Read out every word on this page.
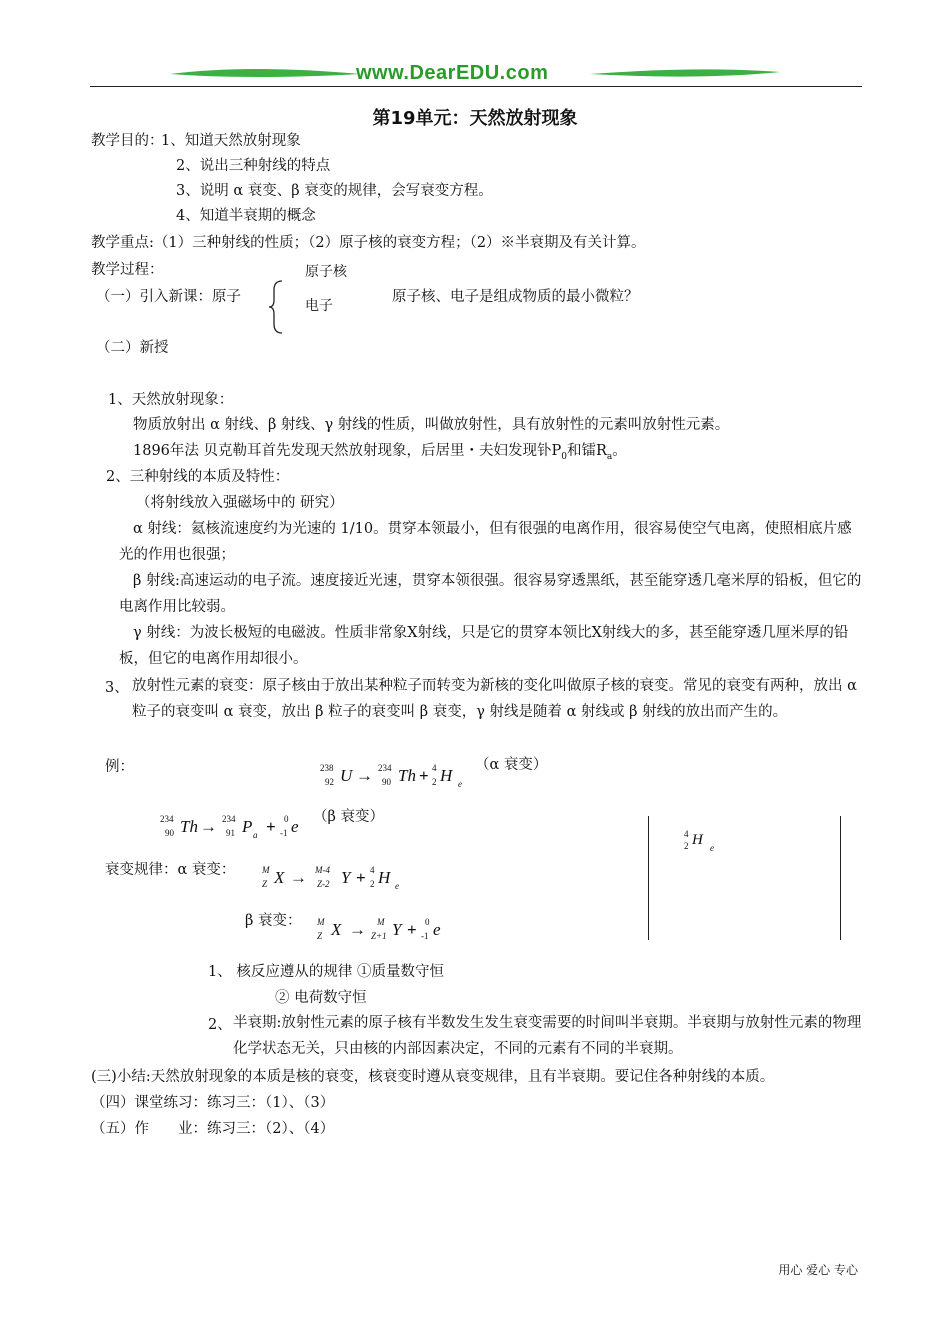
www.DearEDU.com
第19单元：天然放射现象
教学目的：
1、知道天然放射现象
2、说出三种射线的特点
3、说明 α 衰变、β 衰变的规律，会写衰变方程。
4、知道半衰期的概念
教学重点:（1）三种射线的性质；（2）原子核的衰变方程；（2）※半衰期及有关计算。
教学过程：	原子核
（一）引入新课：原子
电子
原子核、电子是组成物质的最小微粒？
（二）新授
1、天然放射现象：
物质放射出 α 射线、β 射线、γ 射线的性质，叫做放射性，具有放射性的元素叫放射性元素。
1896年法 贝克勒耳首先发现天然放射现象，后居里・夫妇发现钋$P_0$和镭$R_a$。
2、三种射线的本质及特性：
（将射线放入强磁场中的 研究）
α 射线：氦核流速度约为光速的 1/10。贯穿本领最小，但有很强的电离作用，很容易使空气电离，使照相底片感光的作用也很强；
β 射线:高速运动的电子流。速度接近光速，贯穿本领很强。很容易穿透黑纸，甚至能穿透几毫米厚的铅板，但它的电离作用比较弱。
γ 射线：为波长极短的电磁波。性质非常象X射线，只是它的贯穿本领比X射线大的多，甚至能穿透几厘米厚的铅板，但它的电离作用却很小。
3、 放射性元素的衰变：原子核由于放出某种粒子而转变为新核的变化叫做原子核的衰变。常见的衰变有两种，放出 α 粒子的衰变叫 α 衰变，放出 β 粒子的衰变叫 β 衰变，γ 射线是随着 α 射线或 β 射线的放出而产生的。
例：	238
92 U → 234
90 Th + 4
2 H e
（α 衰变）
234
90 Th → 234
91 P a + 0
-1 e （β 衰变）
4
2 H e
衰变规律：α 衰变：	M
Z X → M-4
Z-2 Y + 4
2 H e
β 衰变： M
Z X → M
Z+1 Y + 0
-1 e
1、 核反应遵从的规律 ①质量数守恒
② 电荷数守恒
2、 半衰期:放射性元素的原子核有半数发生发生衰变需要的时间叫半衰期。半衰期与放射性元素的物理化学状态无关，只由核的内部因素决定，不同的元素有不同的半衰期。
(三)小结:天然放射现象的本质是核的衰变，核衰变时遵从衰变规律，且有半衰期。要记住各种射线的本质。
（四）课堂练习：练习三：（1）、（3）
（五）作　　业：练习三：（2）、（4）
用心 爱心 专心
